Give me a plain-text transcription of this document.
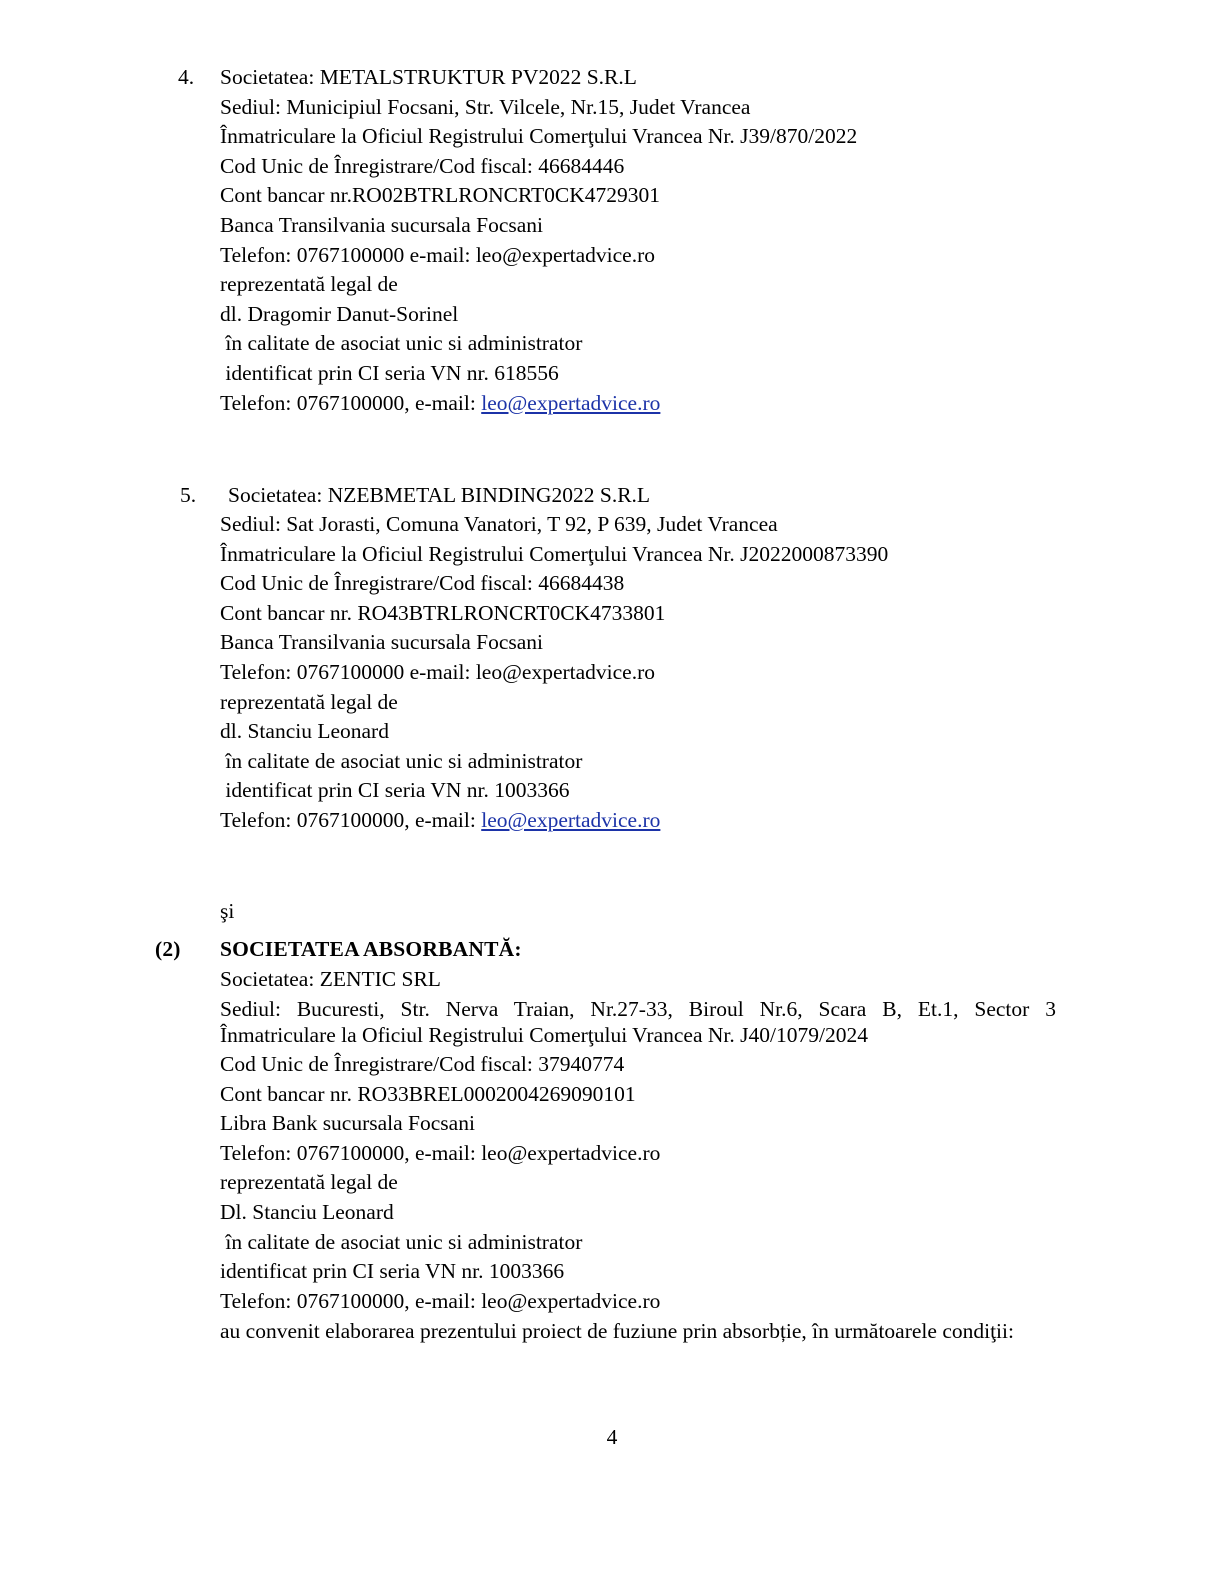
4. Societatea: METALSTRUKTUR PV2022 S.R.L
Sediul: Municipiul Focsani, Str. Vilcele, Nr.15, Judet Vrancea
Înmatriculare la Oficiul Registrului Comerţului Vrancea Nr. J39/870/2022
Cod Unic de Înregistrare/Cod fiscal: 46684446
Cont bancar nr.RO02BTRLRONCRT0CK4729301
Banca Transilvania sucursala Focsani
Telefon: 0767100000 e-mail: leo@expertadvice.ro
reprezentată legal de
dl. Dragomir Danut-Sorinel
în calitate de asociat unic si administrator
identificat prin CI seria VN nr. 618556
Telefon: 0767100000, e-mail: leo@expertadvice.ro
5. Societatea: NZEBMETAL BINDING2022 S.R.L
Sediul: Sat Jorasti, Comuna Vanatori, T 92, P 639, Judet Vrancea
Înmatriculare la Oficiul Registrului Comerţului Vrancea Nr. J2022000873390
Cod Unic de Înregistrare/Cod fiscal: 46684438
Cont bancar nr. RO43BTRLRONCRT0CK4733801
Banca Transilvania sucursala Focsani
Telefon: 0767100000 e-mail: leo@expertadvice.ro
reprezentată legal de
dl. Stanciu Leonard
în calitate de asociat unic si administrator
identificat prin CI seria VN nr. 1003366
Telefon: 0767100000, e-mail: leo@expertadvice.ro
şi
(2) SOCIETATEA ABSORBANTĂ:
Societatea: ZENTIC SRL
Sediul: Bucuresti, Str. Nerva Traian, Nr.27-33, Biroul Nr.6, Scara B, Et.1, Sector 3
Înmatriculare la Oficiul Registrului Comerţului Vrancea Nr. J40/1079/2024
Cod Unic de Înregistrare/Cod fiscal: 37940774
Cont bancar nr. RO33BREL0002004269090101
Libra Bank sucursala Focsani
Telefon: 0767100000, e-mail: leo@expertadvice.ro
reprezentată legal de
Dl. Stanciu Leonard
în calitate de asociat unic si administrator
identificat prin CI seria VN nr. 1003366
Telefon: 0767100000, e-mail: leo@expertadvice.ro
au convenit elaborarea prezentului proiect de fuziune prin absorbție, în următoarele condiţii:
4
